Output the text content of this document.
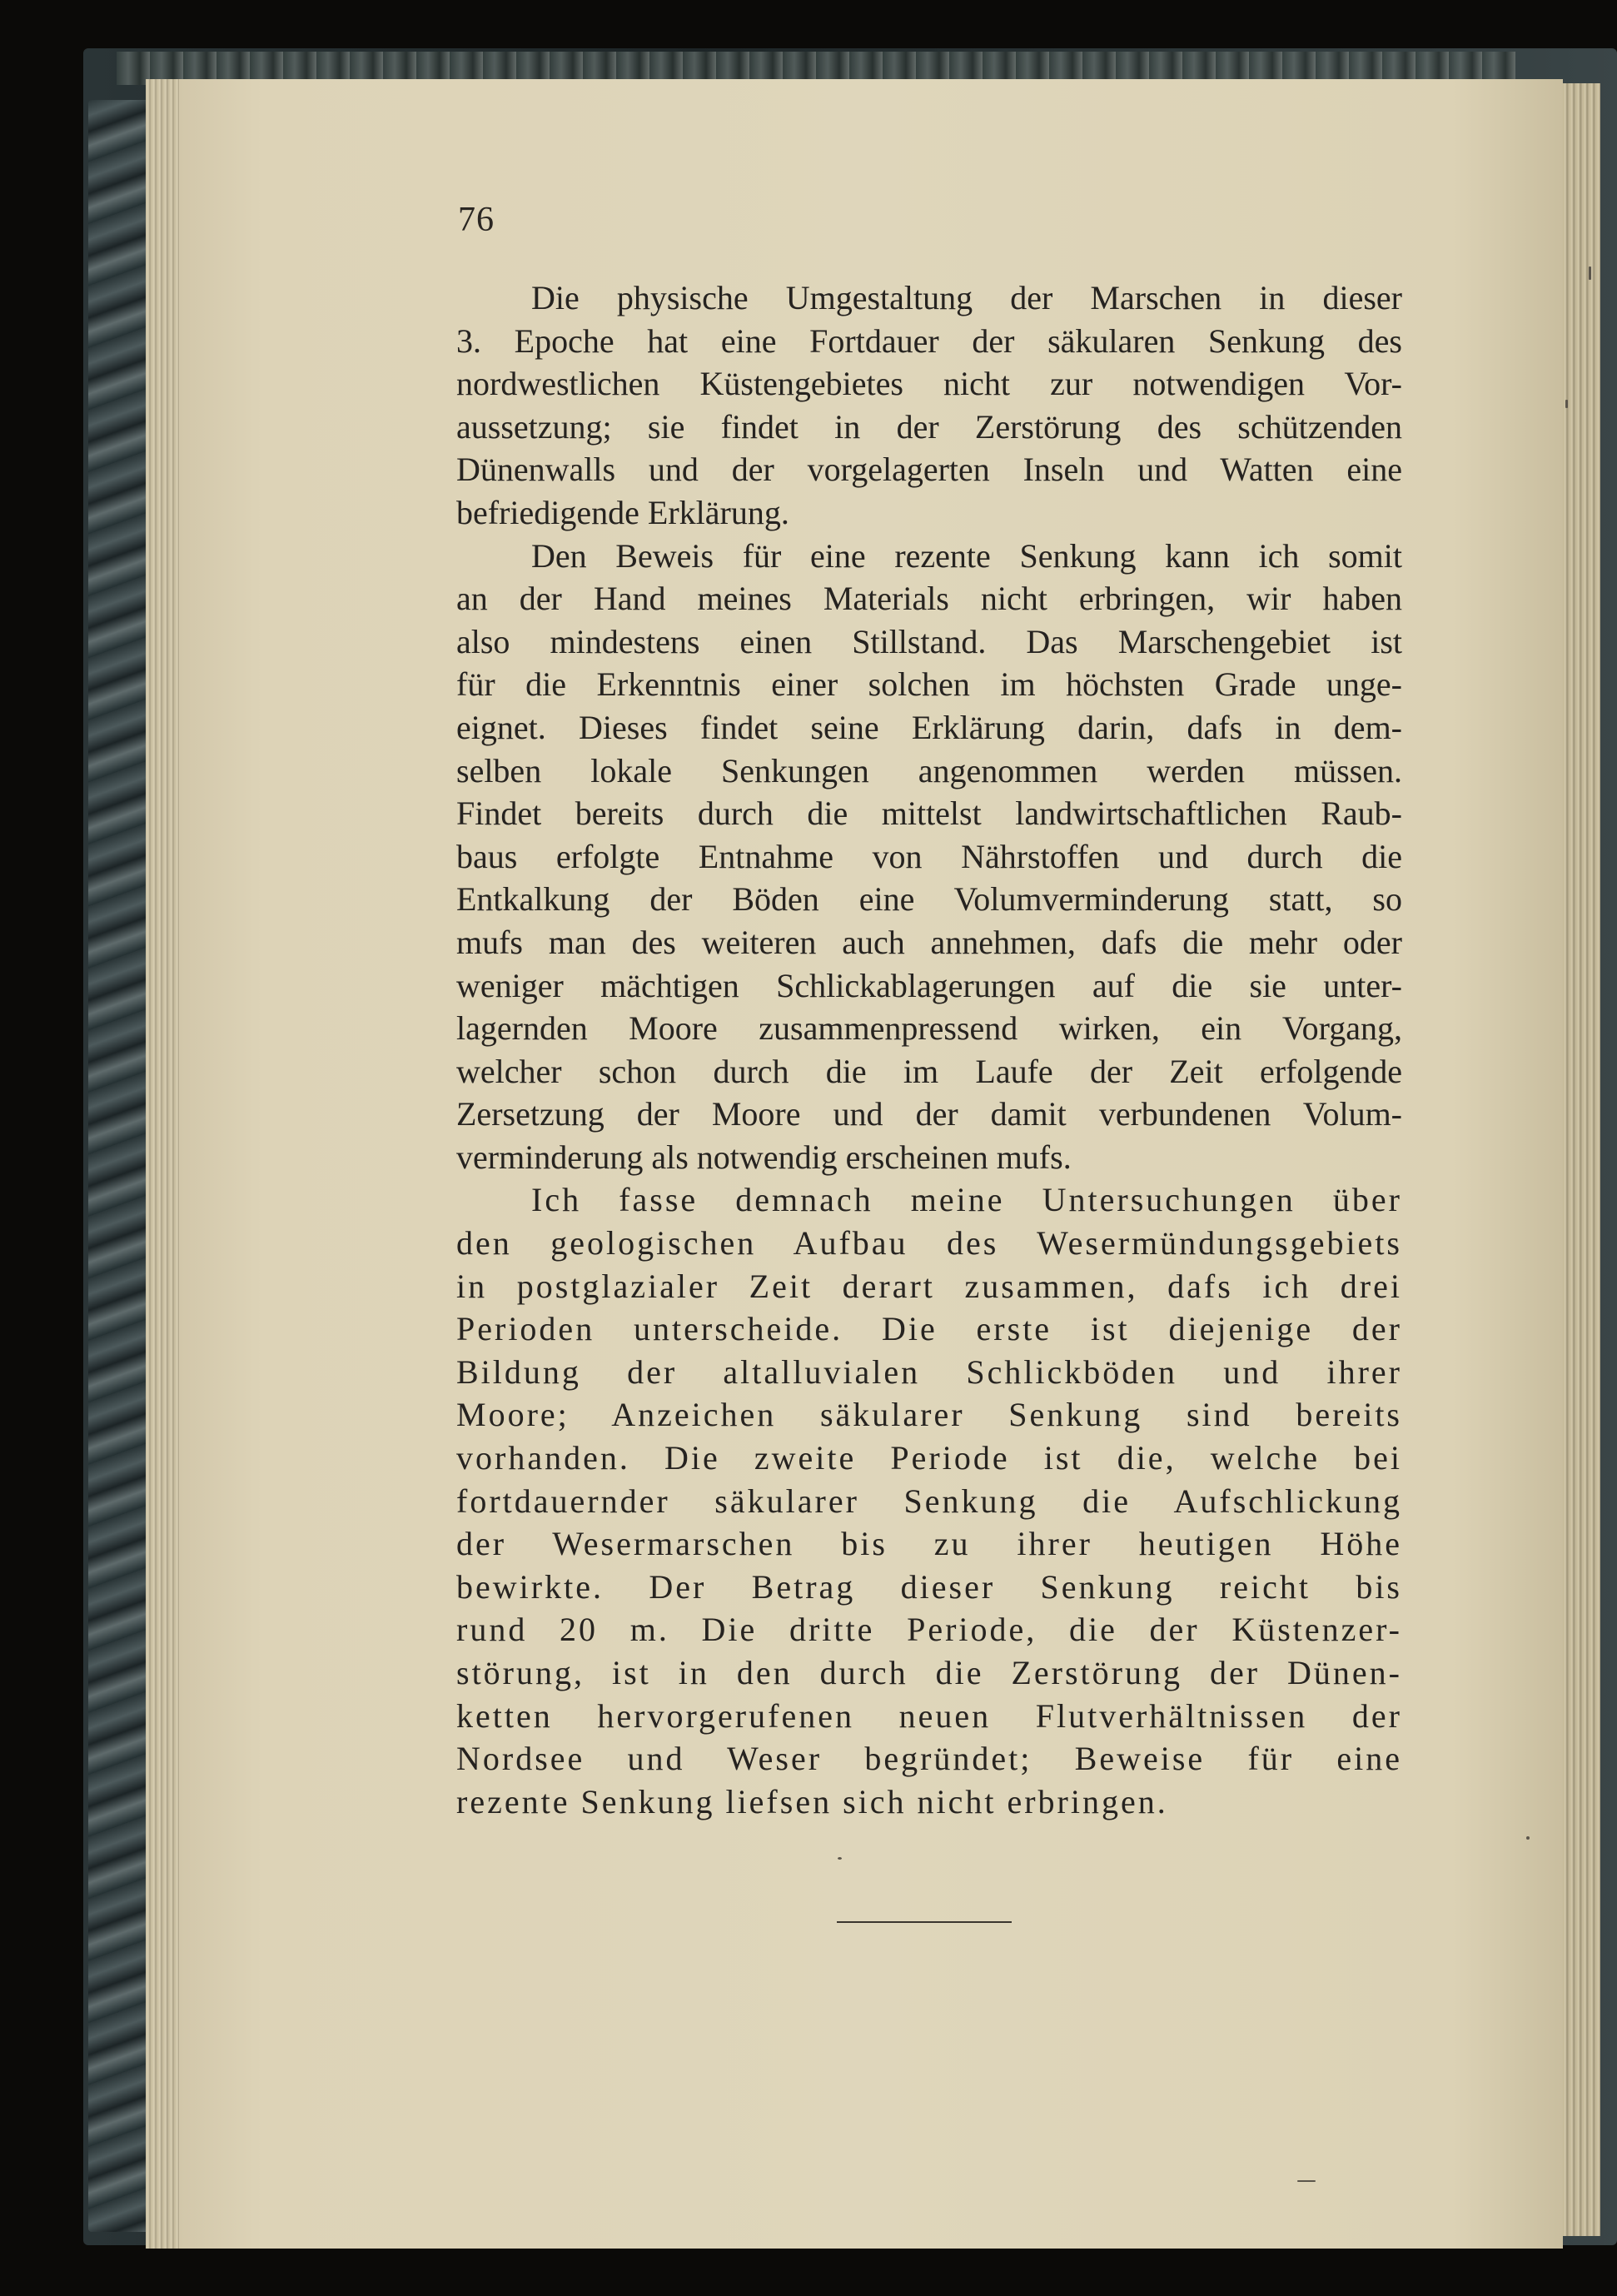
76
Die physische Umgestaltung der Marschen in dieser
3. Epoche hat eine Fortdauer der säkularen Senkung des
nordwestlichen Küstengebietes nicht zur notwendigen Vor-
aussetzung; sie findet in der Zerstörung des schützenden
Dünenwalls und der vorgelagerten Inseln und Watten eine
befriedigende Erklärung.
Den Beweis für eine rezente Senkung kann ich somit
an der Hand meines Materials nicht erbringen, wir haben
also mindestens einen Stillstand. Das Marschengebiet ist
für die Erkenntnis einer solchen im höchsten Grade unge-
eignet. Dieses findet seine Erklärung darin, dafs in dem-
selben lokale Senkungen angenommen werden müssen.
Findet bereits durch die mittelst landwirtschaftlichen Raub-
baus erfolgte Entnahme von Nährstoffen und durch die
Entkalkung der Böden eine Volumverminderung statt, so
mufs man des weiteren auch annehmen, dafs die mehr oder
weniger mächtigen Schlickablagerungen auf die sie unter-
lagernden Moore zusammenpressend wirken, ein Vorgang,
welcher schon durch die im Laufe der Zeit erfolgende
Zersetzung der Moore und der damit verbundenen Volum-
verminderung als notwendig erscheinen mufs.
Ich fasse demnach meine Untersuchungen über
den geologischen Aufbau des Wesermündungsgebiets
in postglazialer Zeit derart zusammen, dafs ich drei
Perioden unterscheide. Die erste ist diejenige der
Bildung der altalluvialen Schlickböden und ihrer
Moore; Anzeichen säkularer Senkung sind bereits
vorhanden. Die zweite Periode ist die, welche bei
fortdauernder säkularer Senkung die Aufschlickung
der Wesermarschen bis zu ihrer heutigen Höhe
bewirkte. Der Betrag dieser Senkung reicht bis
rund 20 m. Die dritte Periode, die der Küstenzer-
störung, ist in den durch die Zerstörung der Dünen-
ketten hervorgerufenen neuen Flutverhältnissen der
Nordsee und Weser begründet; Beweise für eine
rezente Senkung liefsen sich nicht erbringen.
